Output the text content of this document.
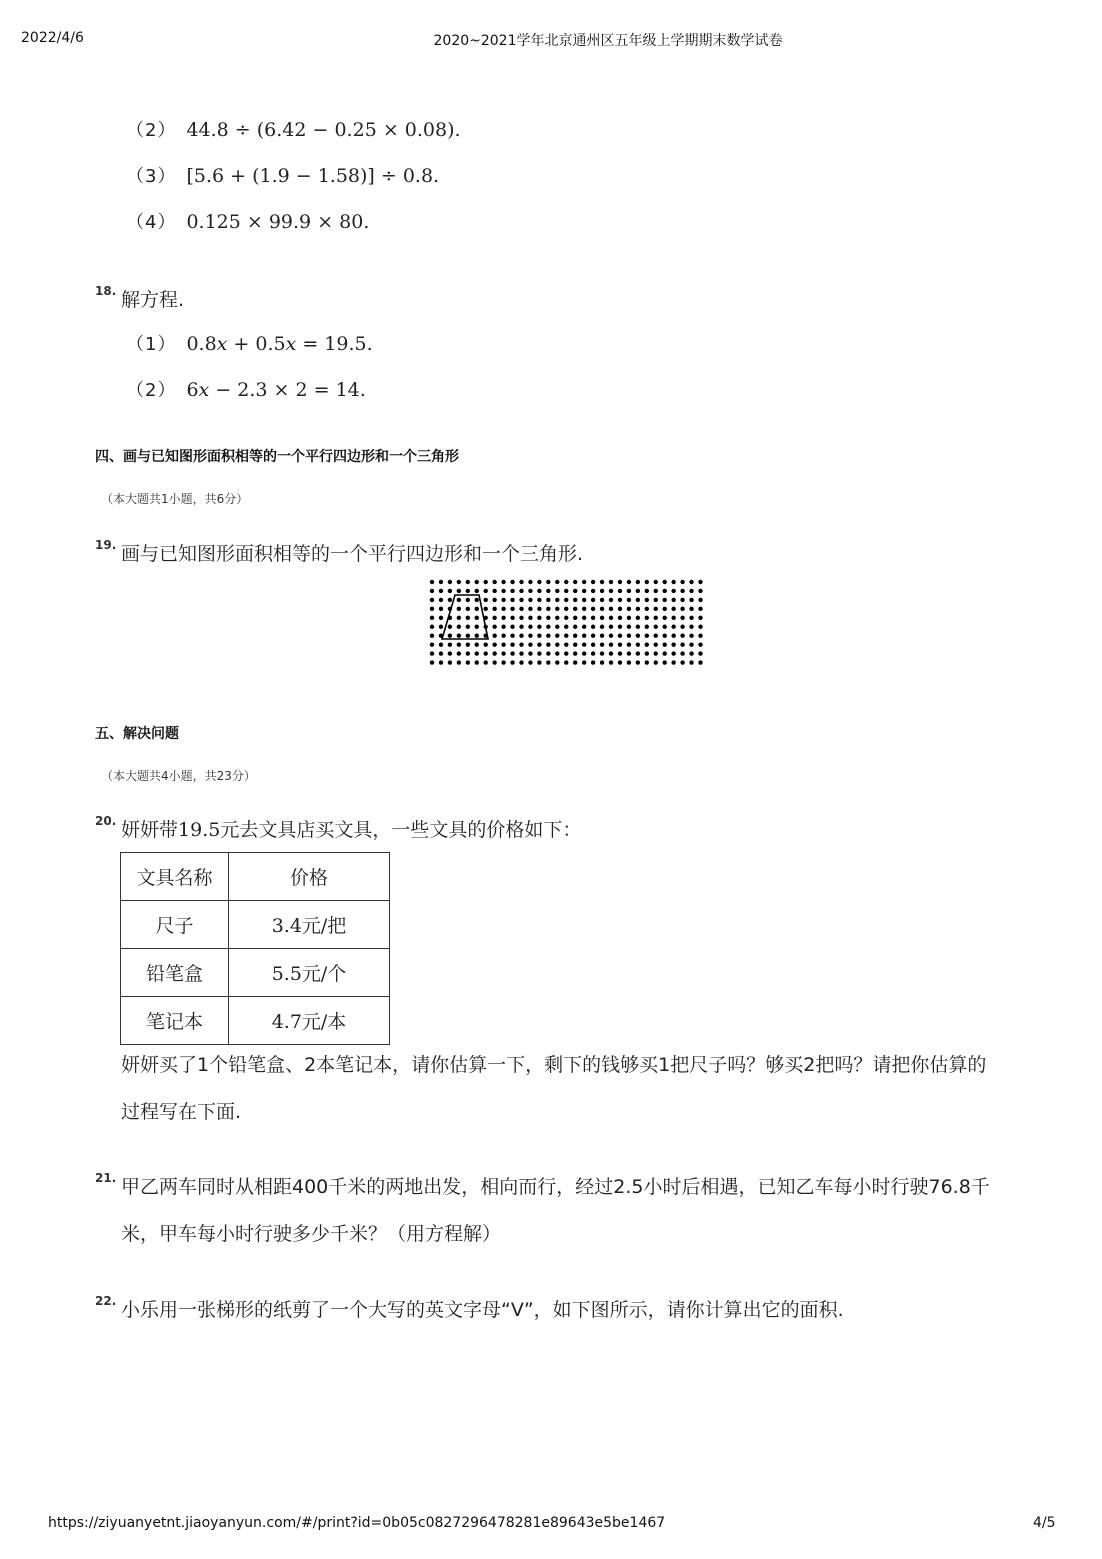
2022/4/6	2020~2021学年北京通州区五年级上学期期末数学试卷
（2） 44.8 ÷ (6.42 − 0.25 × 0.08).
（3） [5.6 + (1.9 − 1.58)] ÷ 0.8.
（4） 0.125 × 99.9 × 80.
18. 解方程.
（1） 0.8x + 0.5x = 19.5.
（2） 6x − 2.3 × 2 = 14.
四、画与已知图形面积相等的一个平行四边形和一个三角形
（本大题共1小题，共6分）
19. 画与已知图形面积相等的一个平行四边形和一个三角形.
五、解决问题
（本大题共4小题，共23分）
20. 妍妍带19.5元去文具店买文具，一些文具的价格如下：
文具名称	价格
尺子	3.4元/把
铅笔盒	5.5元/个
笔记本	4.7元/本
妍妍买了1个铅笔盒、2本笔记本，请你估算一下，剩下的钱够买1把尺子吗？够买2把吗？请把你估算的
过程写在下面.
21. 甲乙两车同时从相距400千米的两地出发，相向而行，经过2.5小时后相遇，已知乙车每小时行驶76.8千
米，甲车每小时行驶多少千米？（用方程解）
22. 小乐用一张梯形的纸剪了一个大写的英文字母“V”，如下图所示，请你计算出它的面积.
https://ziyuanyetnt.jiaoyanyun.com/#/print?id=0b05c0827296478281e89643e5be1467	4/5
